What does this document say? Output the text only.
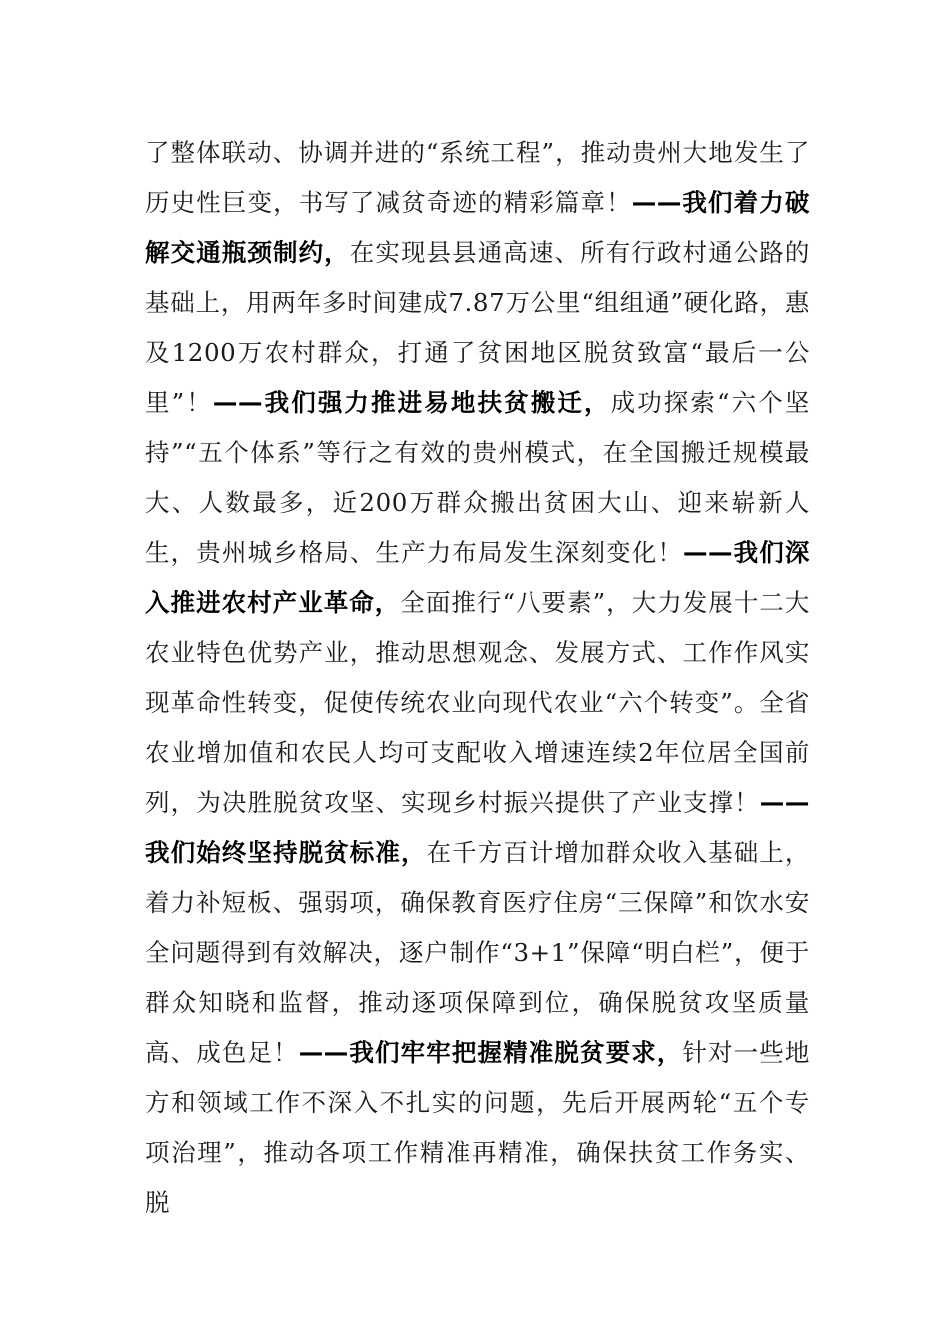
了整体联动、协调并进的“系统工程”，推动贵州大地发生了历史性巨变，书写了减贫奇迹的精彩篇章！——我们着力破解交通瓶颈制约，在实现县县通高速、所有行政村通公路的基础上，用两年多时间建成7.87万公里“组组通”硬化路，惠及1200万农村群众，打通了贫困地区脱贫致富“最后一公里”！——我们强力推进易地扶贫搬迁，成功探索“六个坚持”“五个体系”等行之有效的贵州模式，在全国搬迁规模最大、人数最多，近200万群众搬出贫困大山、迎来崭新人生，贵州城乡格局、生产力布局发生深刻变化！——我们深入推进农村产业革命，全面推行“八要素”，大力发展十二大农业特色优势产业，推动思想观念、发展方式、工作作风实现革命性转变，促使传统农业向现代农业“六个转变”。全省农业增加值和农民人均可支配收入增速连续2年位居全国前列，为决胜脱贫攻坚、实现乡村振兴提供了产业支撑！——我们始终坚持脱贫标准，在千方百计增加群众收入基础上，着力补短板、强弱项，确保教育医疗住房“三保障”和饮水安全问题得到有效解决，逐户制作“3+1”保障“明白栏”，便于群众知晓和监督，推动逐项保障到位，确保脱贫攻坚质量高、成色足！——我们牢牢把握精准脱贫要求，针对一些地方和领域工作不深入不扎实的问题，先后开展两轮“五个专项治理”，推动各项工作精准再精准，确保扶贫工作务实、脱
